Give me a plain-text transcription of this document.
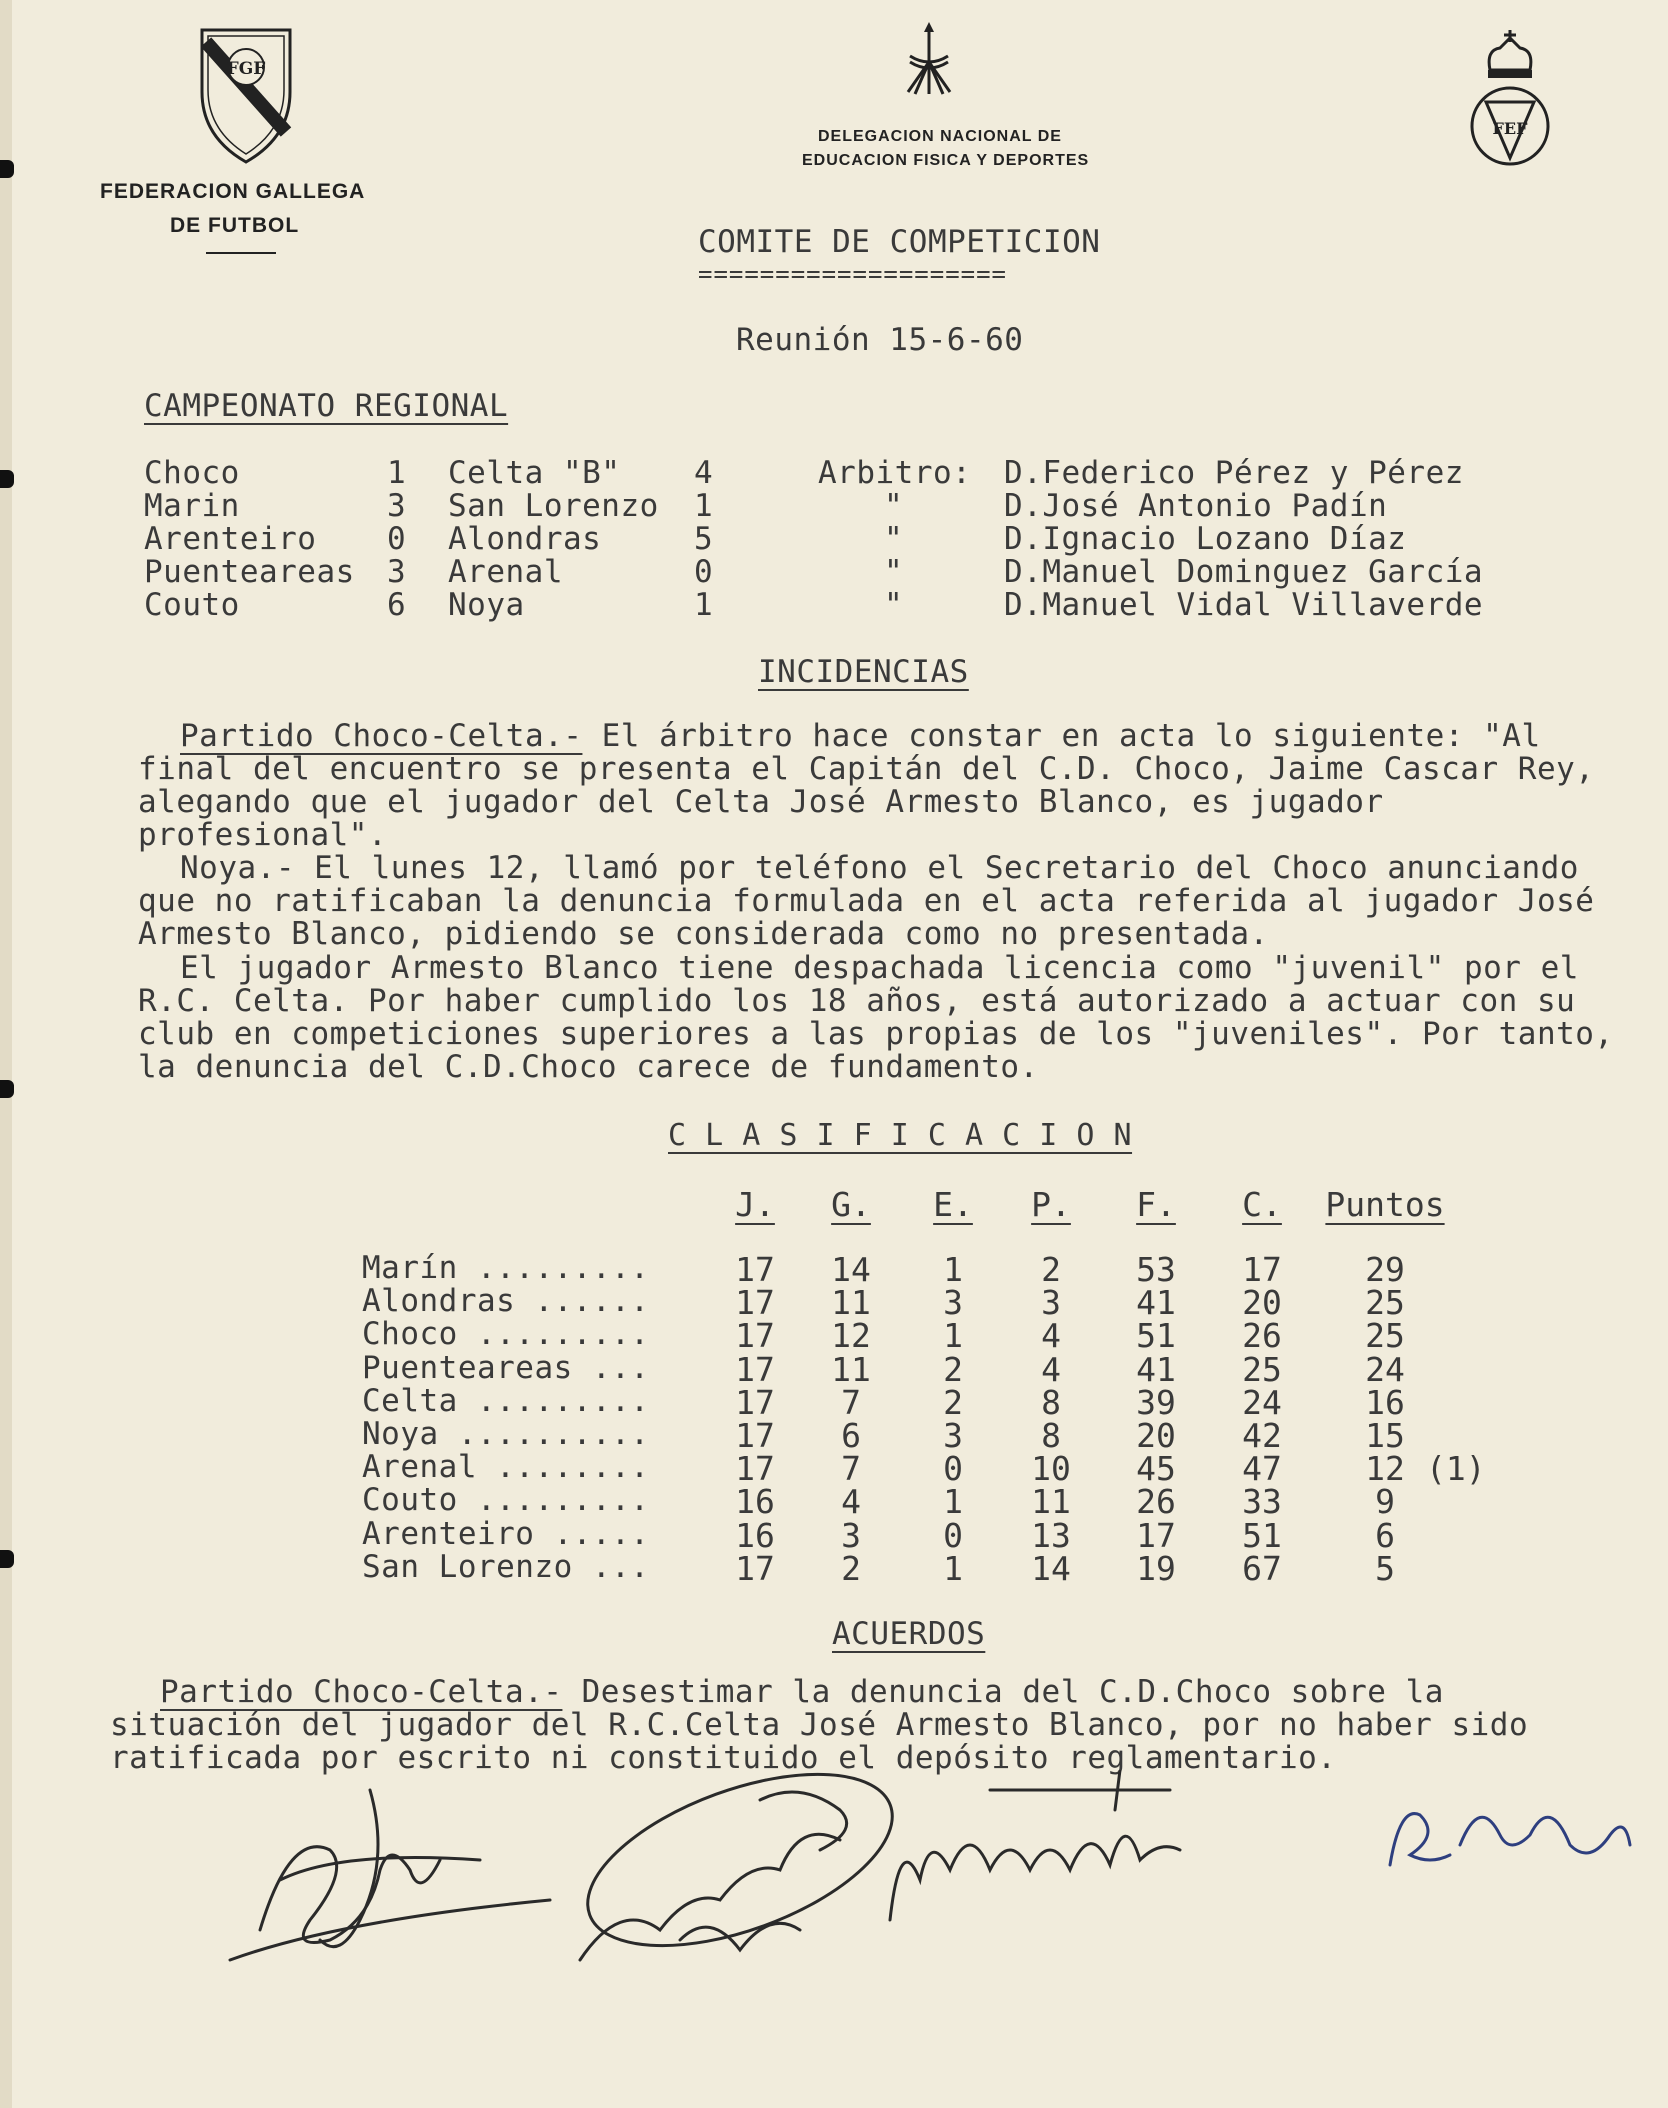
FGF
FEDERACION GALLEGA
DE FUTBOL
DELEGACION NACIONAL DE
EDUCACION FISICA Y DEPORTES
FEF
COMITE DE COMPETICION
====================
Reunión 15-6-60
CAMPEONATO REGIONAL
Choco	1 Celta "B" 4	Arbitro: D.Federico Pérez y Pérez
Marin	3 San Lorenzo 1	"	D.José Antonio Padín
Arenteiro 0 Alondras	5	"	D.Ignacio Lozano Díaz
Puenteareas 3 Arenal	0	"	D.Manuel Dominguez García
Couto	6 Noya	1	"	D.Manuel Vidal Villaverde
INCIDENCIAS
Partido Choco-Celta.- El árbitro hace constar en acta lo siguiente: "Al final del encuentro se presenta el Capitán del C.D. Choco, Jaime Cascar Rey, alegando que el jugador del Celta José Armesto Blanco, es jugador profesional".
Noya.- El lunes 12, llamó por teléfono el Secretario del Choco anunciando que no ratificaban la denuncia formulada en el acta referida al jugador José Armesto Blanco, pidiendo se considerada como no presentada.
El jugador Armesto Blanco tiene despachada licencia como "juvenil" por el R.C. Celta. Por haber cumplido los 18 años, está autorizado a actuar con su club en competiciones superiores a las propias de los "juveniles". Por tanto, la denuncia del C.D.Choco carece de fundamento.
C L A S I F I C A C I O N
J.	G.	E.	P.	F.	C.	Puntos
Marín .........	17	14	1	2	53	17	29
Alondras ......	17	11	3	3	41	20	25
Choco .........	17	12	1	4	51	26	25
Puenteareas ...	17	11	2	4	41	25	24
Celta .........	17	7	2	8	39	24	16
Noya ..........	17	6	3	8	20	42	15
Arenal ........	17	7	0	10	45	47	12 (1)
Couto .........	16	4	1	11	26	33	9
Arenteiro .....	16	3	0	13	17	51	6
San Lorenzo ...	17	2	1	14	19	67	5
ACUERDOS
Partido Choco-Celta.- Desestimar la denuncia del C.D.Choco sobre la situación del jugador del R.C.Celta José Armesto Blanco, por no haber sido ratificada por escrito ni constituido el depósito reglamentario.
